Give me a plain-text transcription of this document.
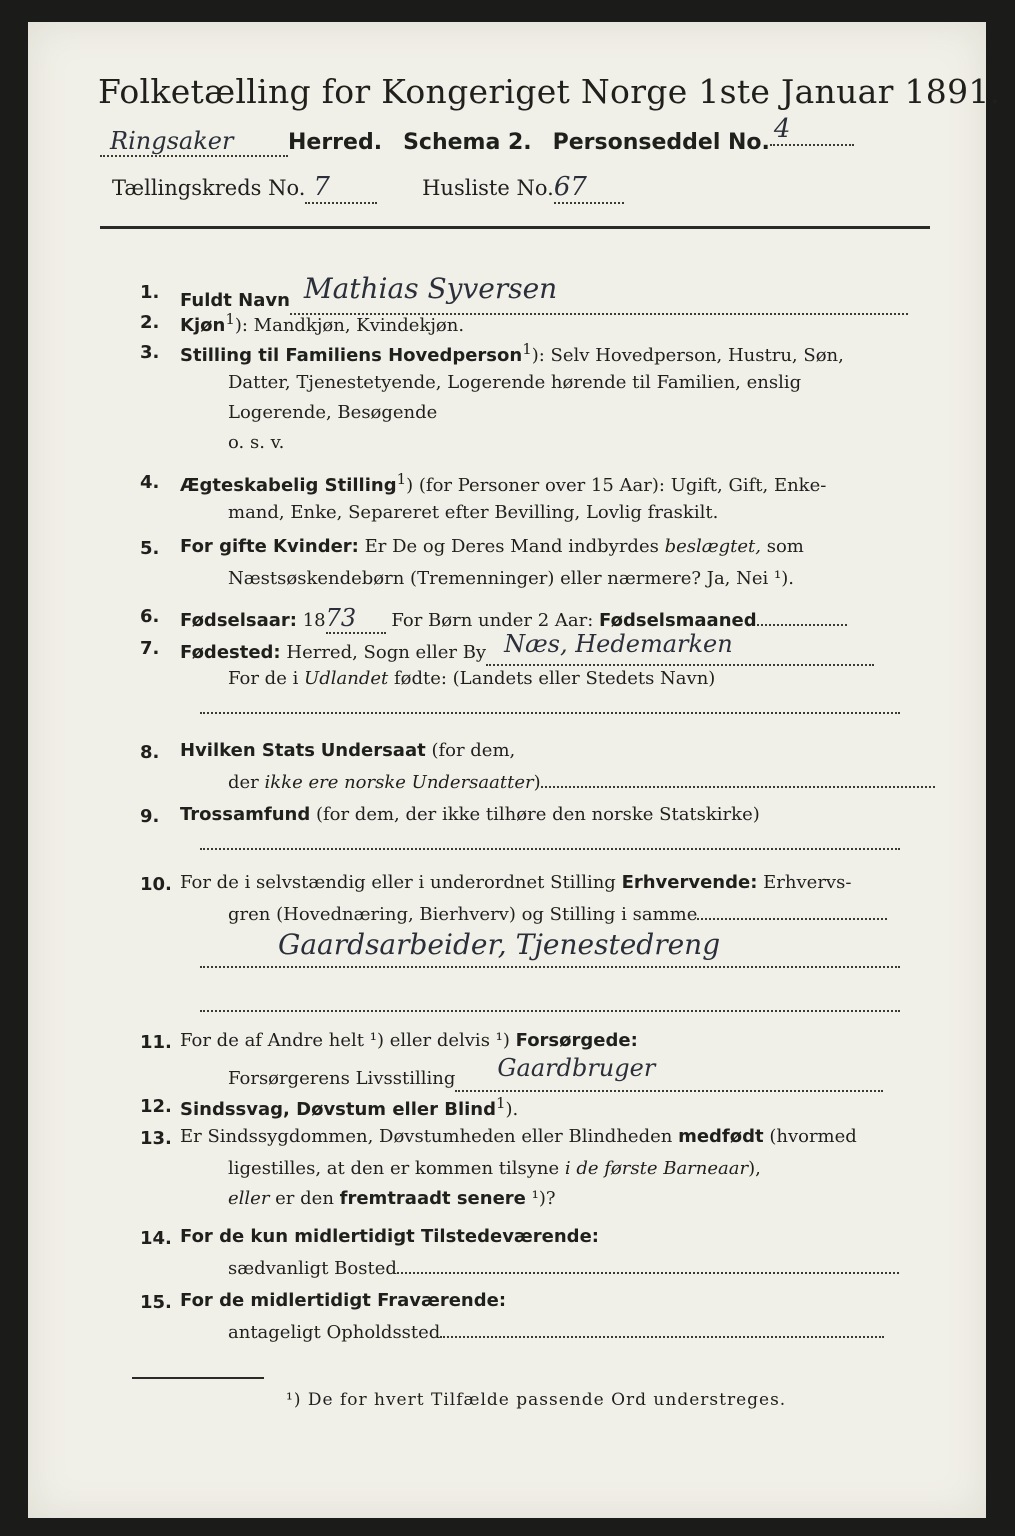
Folketælling for Kongeriget Norge 1ste Januar 1891.
Ringsaker Herred. Schema 2. Personseddel No. 4
Tællingskreds No. 7	Husliste No.67
1. Fuldt Navn Mathias Syversen
2. Kjøn$^1$): Mandkjøn, Kvindekjøn.
3. Stilling til Familiens Hovedperson$^1$): Selv Hovedperson, Hustru, Søn,
Datter, Tjenestetyende, Logerende hørende til Familien, enslig
Logerende, Besøgende
o. s. v.
4. Ægteskabelig Stilling$^1$) (for Personer over 15 Aar): Ugift, Gift, Enke-
mand, Enke, Separeret efter Bevilling, Lovlig fraskilt.
5. For gifte Kvinder: Er De og Deres Mand indbyrdes beslægtet, som
Næstsøskendebørn (Tremenninger) eller nærmere? Ja, Nei ¹).
6. Fødselsaar: 1873 For Børn under 2 Aar: Fødselsmaaned
7. Fødested: Herred, Sogn eller By Næs, Hedemarken
For de i Udlandet fødte: (Landets eller Stedets Navn)
8. Hvilken Stats Undersaat (for dem,
der ikke ere norske Undersaatter)
9. Trossamfund (for dem, der ikke tilhøre den norske Statskirke)
10. For de i selvstændig eller i underordnet Stilling Erhvervende: Erhvervs-
gren (Hovednæring, Bierhverv) og Stilling i samme
Gaardsarbeider, Tjenestedreng
11. For de af Andre helt ¹) eller delvis ¹) Forsørgede:
Forsørgerens Livsstilling Gaardbruger
12. Sindssvag, Døvstum eller Blind$^1$).
13. Er Sindssygdommen, Døvstumheden eller Blindheden medfødt (hvormed
ligestilles, at den er kommen tilsyne i de første Barneaar),
eller er den fremtraadt senere ¹)?
14. For de kun midlertidigt Tilstedeværende:
sædvanligt Bosted
15. For de midlertidigt Fraværende:
antageligt Opholdssted
¹) De for hvert Tilfælde passende Ord understreges.
